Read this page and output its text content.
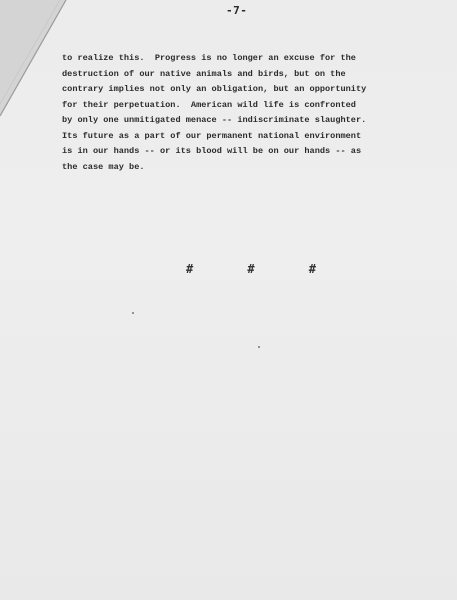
-7-
to realize this.  Progress is no longer an excuse for the
destruction of our native animals and birds, but on the
contrary implies not only an obligation, but an opportunity
for their perpetuation.  American wild life is confronted
by only one unmitigated menace -- indiscriminate slaughter.
Its future as a part of our permanent national environment
is in our hands -- or its blood will be on our hands -- as
the case may be.
#	#	#
